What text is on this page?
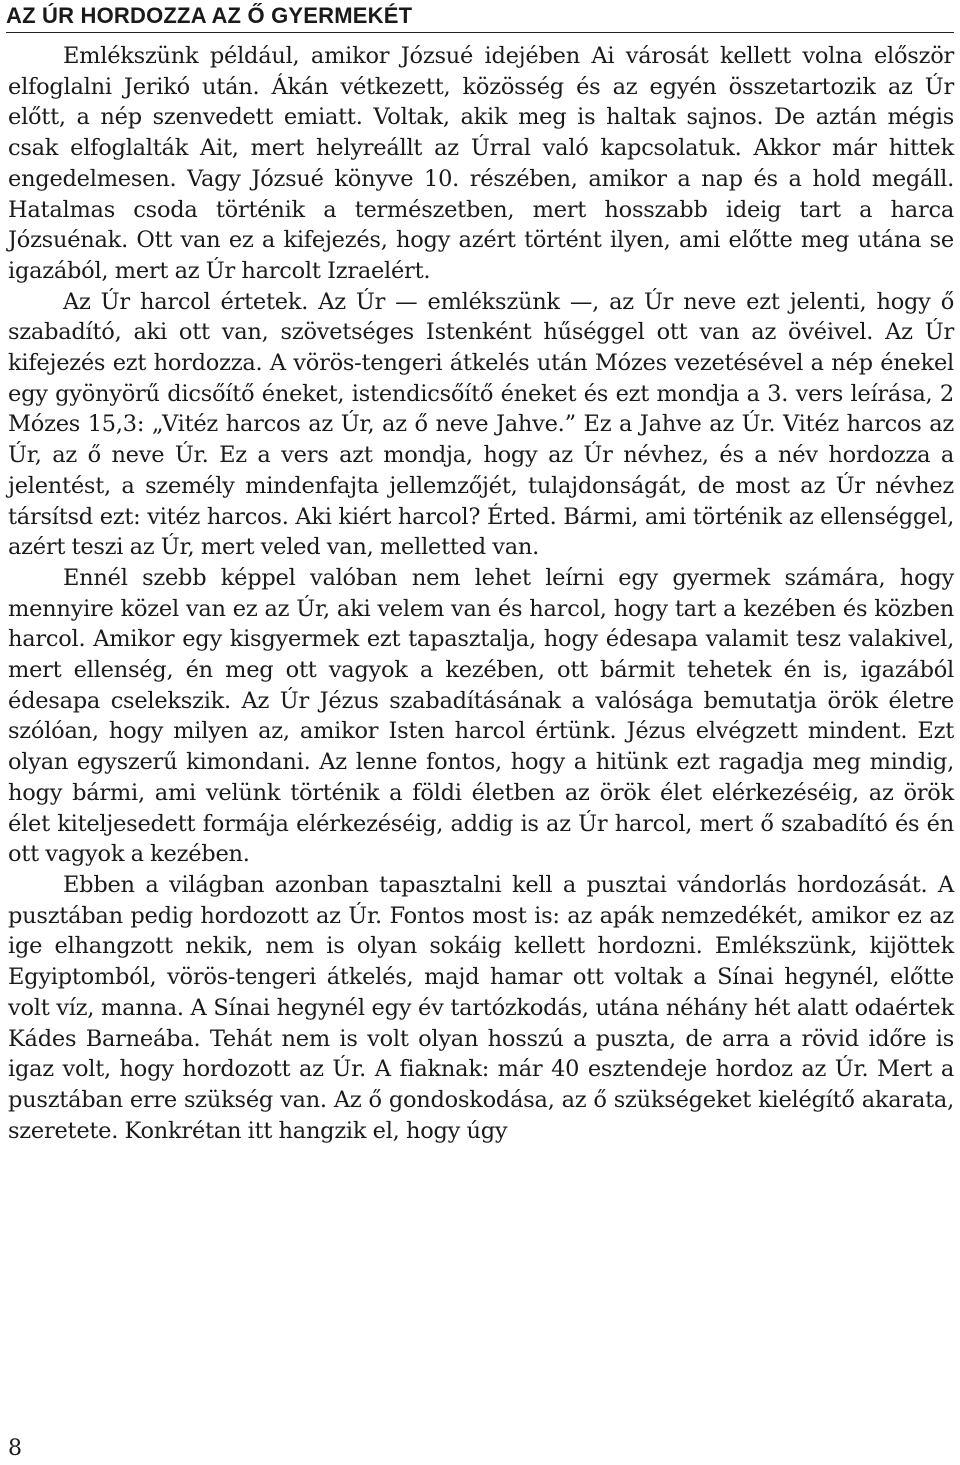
AZ ÚR HORDOZZA AZ Ő GYERMEKÉT

Emlékszünk például, amikor Józsué idejében Ai városát kellett volna először elfoglalni Jerikó után. Ákán vétkezett, közösség és az egyén összetartozik az Úr előtt, a nép szenvedett emiatt. Voltak, akik meg is haltak sajnos. De aztán mégis csak elfoglalták Ait, mert helyreállt az Úrral való kapcsolatuk. Akkor már hittek engedelmesen. Vagy Józsué könyve 10. részében, amikor a nap és a hold megáll. Hatalmas csoda történik a természetben, mert hosszabb ideig tart a harca Józsuénak. Ott van ez a kifejezés, hogy azért történt ilyen, ami előtte meg utána se igazából, mert az Úr harcolt Izraelért.

Az Úr harcol értetek. Az Úr — emlékszünk —, az Úr neve ezt jelenti, hogy ő szabadító, aki ott van, szövetséges Istenként hűséggel ott van az övéivel. Az Úr kifejezés ezt hordozza. A vörös-tengeri átkelés után Mózes vezetésével a nép énekel egy gyönyörű dicsőítő éneket, istendicsőítő éneket és ezt mondja a 3. vers leírása, 2 Mózes 15,3: „Vitéz harcos az Úr, az ő neve Jahve.” Ez a Jahve az Úr. Vitéz harcos az Úr, az ő neve Úr. Ez a vers azt mondja, hogy az Úr névhez, és a név hordozza a jelentést, a személy mindenfajta jellemzőjét, tulajdonságát, de most az Úr névhez társítsd ezt: vitéz harcos. Aki kiért harcol? Érted. Bármi, ami történik az ellenséggel, azért teszi az Úr, mert veled van, melletted van.

Ennél szebb képpel valóban nem lehet leírni egy gyermek számára, hogy mennyire közel van ez az Úr, aki velem van és harcol, hogy tart a kezében és közben harcol. Amikor egy kisgyermek ezt tapasztalja, hogy édesapa valamit tesz valakivel, mert ellenség, én meg ott vagyok a kezében, ott bármit tehetek én is, igazából édesapa cselekszik. Az Úr Jézus szabadításának a valósága bemutatja örök életre szólóan, hogy milyen az, amikor Isten harcol értünk. Jézus elvégzett mindent. Ezt olyan egyszerű kimondani. Az lenne fontos, hogy a hitünk ezt ragadja meg mindig, hogy bármi, ami velünk történik a földi életben az örök élet elérkezéséig, az örök élet kiteljesedett formája elérkezéséig, addig is az Úr harcol, mert ő szabadító és én ott vagyok a kezében.

Ebben a világban azonban tapasztalni kell a pusztai vándorlás hordozását. A pusztában pedig hordozott az Úr. Fontos most is: az apák nemzedékét, amikor ez az ige elhangzott nekik, nem is olyan sokáig kellett hordozni. Emlékszünk, kijöttek Egyiptomból, vörös-tengeri átkelés, majd hamar ott voltak a Sínai hegynél, előtte volt víz, manna. A Sínai hegynél egy év tartózkodás, utána néhány hét alatt odaértek Kádes Barneába. Tehát nem is volt olyan hosszú a puszta, de arra a rövid időre is igaz volt, hogy hordozott az Úr. A fiaknak: már 40 esztendeje hordoz az Úr. Mert a pusztában erre szükség van. Az ő gondoskodása, az ő szükségeket kielégítő akarata, szeretete. Konkrétan itt hangzik el, hogy úgy

8
